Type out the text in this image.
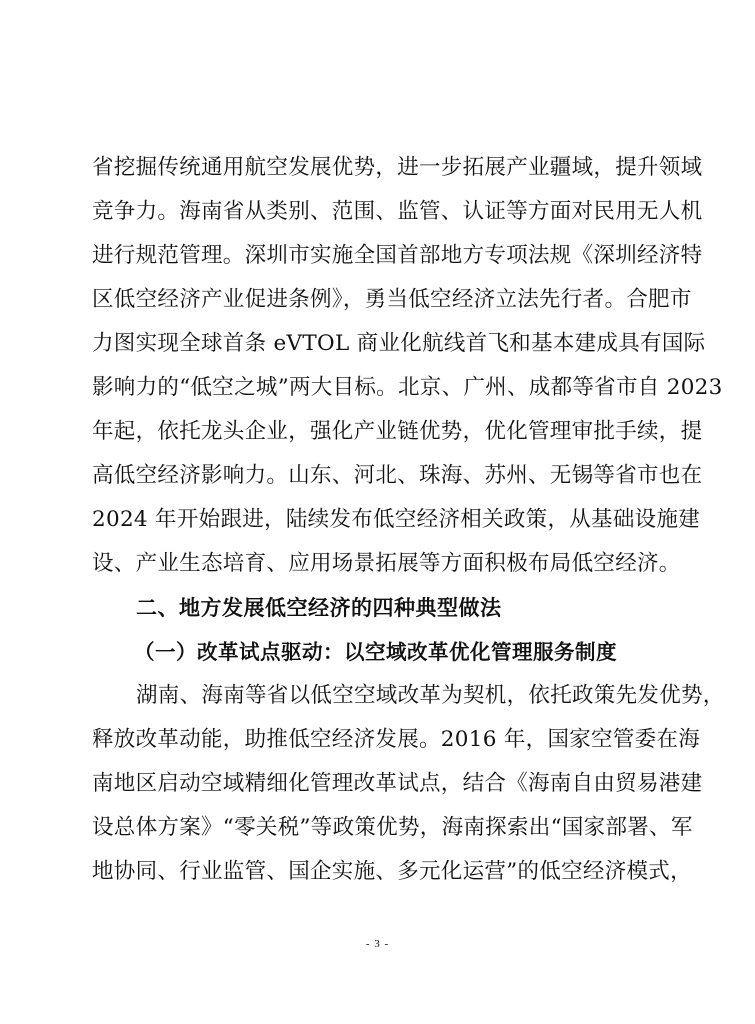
省挖掘传统通用航空发展优势，进一步拓展产业疆域，提升领域
竞争力。海南省从类别、范围、监管、认证等方面对民用无人机
进行规范管理。深圳市实施全国首部地方专项法规《深圳经济特
区低空经济产业促进条例》，勇当低空经济立法先行者。合肥市
力图实现全球首条 eVTOL 商业化航线首飞和基本建成具有国际
影响力的“低空之城”两大目标。北京、广州、成都等省市自 2023
年起，依托龙头企业，强化产业链优势，优化管理审批手续，提
高低空经济影响力。山东、河北、珠海、苏州、无锡等省市也在
2024 年开始跟进，陆续发布低空经济相关政策，从基础设施建
设、产业生态培育、应用场景拓展等方面积极布局低空经济。
二、地方发展低空经济的四种典型做法
（一）改革试点驱动：以空域改革优化管理服务制度
湖南、海南等省以低空空域改革为契机，依托政策先发优势，
释放改革动能，助推低空经济发展。2016 年，国家空管委在海
南地区启动空域精细化管理改革试点，结合《海南自由贸易港建
设总体方案》“零关税”等政策优势，海南探索出“国家部署、军
地协同、行业监管、国企实施、多元化运营”的低空经济模式，
- 3 -
